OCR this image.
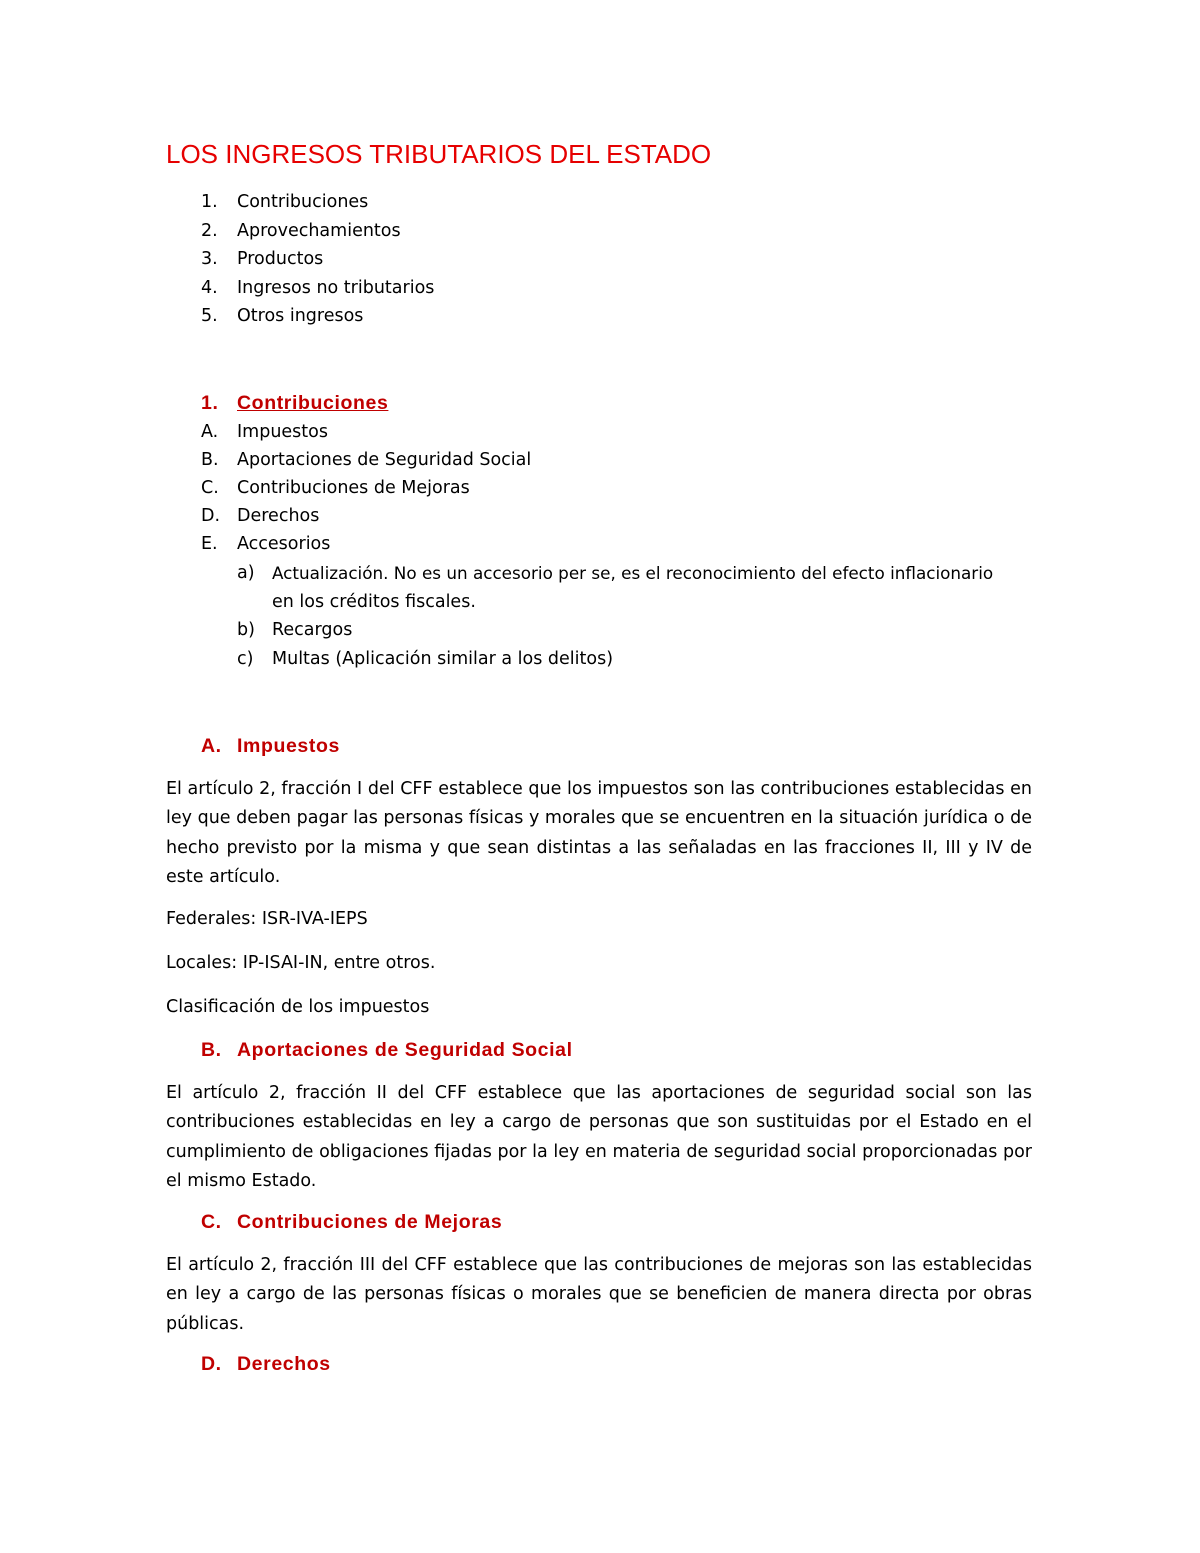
LOS INGRESOS TRIBUTARIOS DEL ESTADO
1. Contribuciones
2. Aprovechamientos
3. Productos
4. Ingresos no tributarios
5. Otros ingresos
1. Contribuciones
A. Impuestos
B. Aportaciones de Seguridad Social
C. Contribuciones de Mejoras
D. Derechos
E. Accesorios
a) Actualización. No es un accesorio per se, es el reconocimiento del efecto inflacionario
en los créditos fiscales.
b) Recargos
c) Multas (Aplicación similar a los delitos)
A. Impuestos
El artículo 2, fracción I del CFF establece que los impuestos son las contribuciones establecidas en ley que deben pagar las personas físicas y morales que se encuentren en la situación jurídica o de hecho previsto por la misma y que sean distintas a las señaladas en las fracciones II, III y IV de este artículo.
Federales: ISR-IVA-IEPS
Locales: IP-ISAI-IN, entre otros.
Clasificación de los impuestos
B. Aportaciones de Seguridad Social
El artículo 2, fracción II del CFF establece que las aportaciones de seguridad social son las contribuciones establecidas en ley a cargo de personas que son sustituidas por el Estado en el cumplimiento de obligaciones fijadas por la ley en materia de seguridad social proporcionadas por el mismo Estado.
C. Contribuciones de Mejoras
El artículo 2, fracción III del CFF establece que las contribuciones de mejoras son las establecidas en ley a cargo de las personas físicas o morales que se beneficien de manera directa por obras públicas.
D. Derechos
